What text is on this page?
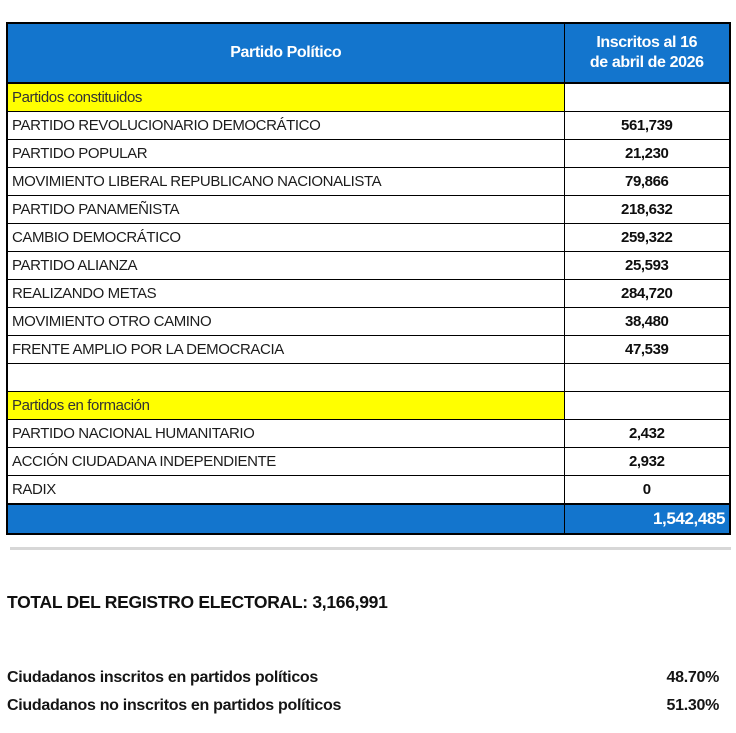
Partido Político	Inscritos al 16
de abril de 2026

Partidos constituidos	
PARTIDO REVOLUCIONARIO DEMOCRÁTICO	561,739
PARTIDO POPULAR	21,230
MOVIMIENTO LIBERAL REPUBLICANO NACIONALISTA	79,866
PARTIDO PANAMEÑISTA	218,632
CAMBIO DEMOCRÁTICO	259,322
PARTIDO ALIANZA	25,593
REALIZANDO METAS	284,720
MOVIMIENTO OTRO CAMINO	38,480
FRENTE AMPLIO POR LA DEMOCRACIA	47,539

Partidos en formación	
PARTIDO NACIONAL HUMANITARIO	2,432
ACCIÓN CIUDADANA INDEPENDIENTE	2,932
RADIX	0
	1,542,485
TOTAL DEL REGISTRO ELECTORAL: 3,166,991
Ciudadanos inscritos en partidos políticos	48.70%
Ciudadanos no inscritos en partidos políticos	51.30%
